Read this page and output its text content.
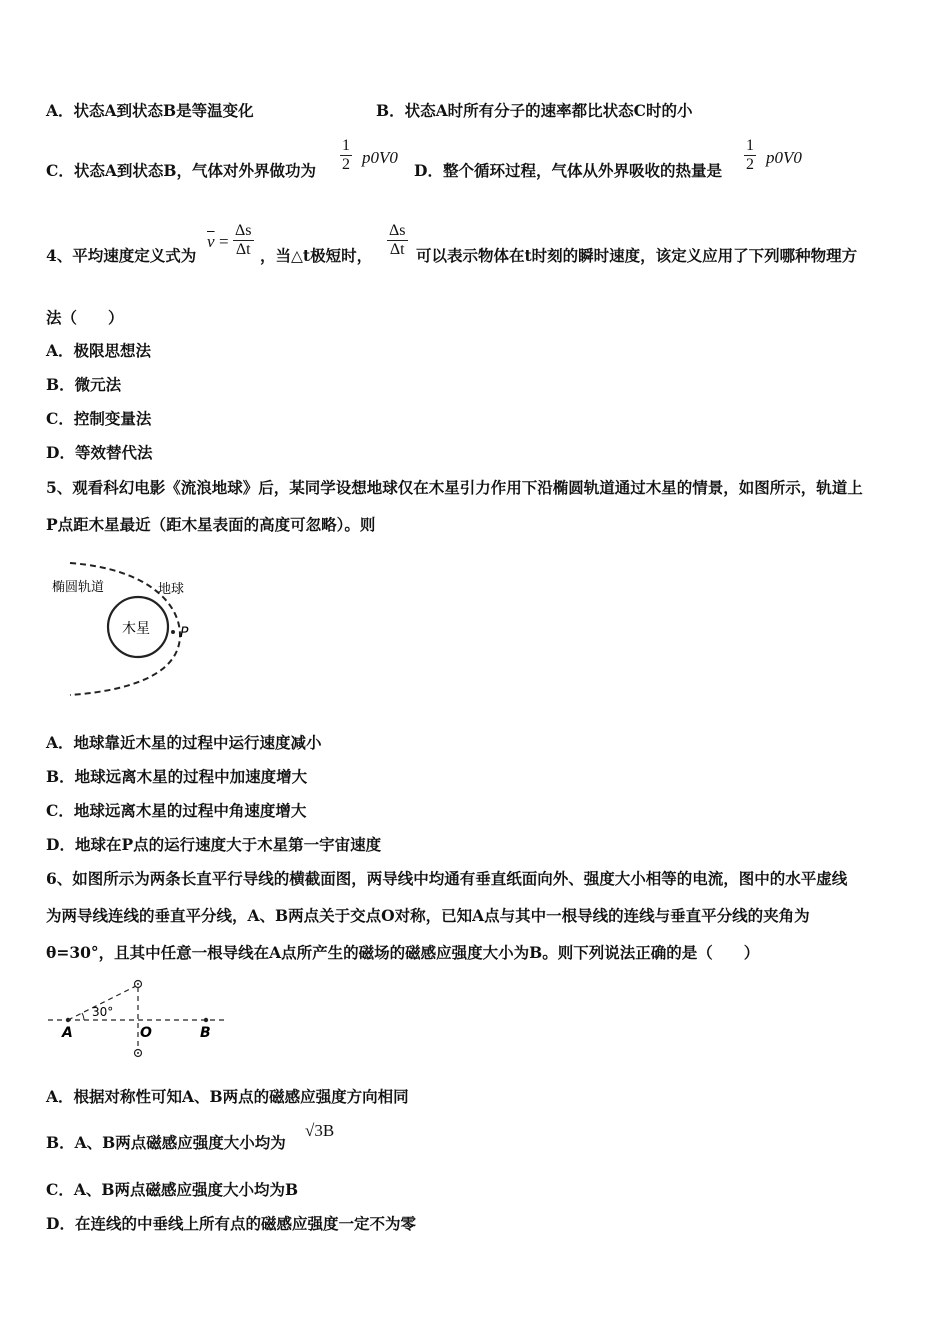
A．状态A到状态B是等温变化	B．状态A时所有分子的速率都比状态C时的小
C．状态A到状态B，气体对外界做功为 $\frac{1}{2} p0V0$
D．整个循环过程，气体从外界吸收的热量是 $\frac{1}{2} p0V0$
4、平均速度定义式为
$\overline{v} = \frac{\Delta s}{\Delta t}$ ，当△t极短时， $\frac{\Delta s}{\Delta t}$ 可以表示物体在t时刻的瞬时速度，该定义应用了下列哪种物理方
法（　　）
A．极限思想法
B．微元法
C．控制变量法
D．等效替代法
5、观看科幻电影《流浪地球》后，某同学设想地球仅在木星引力作用下沿椭圆轨道通过木星的情景，如图所示，轨道上
P点距木星最近（距木星表面的高度可忽略）。则
木星
椭圆轨道	地球
P
A．地球靠近木星的过程中运行速度减小
B．地球远离木星的过程中加速度增大
C．地球远离木星的过程中角速度增大
D．地球在P点的运行速度大于木星第一宇宙速度
6、如图所示为两条长直平行导线的横截面图，两导线中均通有垂直纸面向外、强度大小相等的电流，图中的水平虚线
为两导线连线的垂直平分线，A、B两点关于交点O对称，已知A点与其中一根导线的连线与垂直平分线的夹角为
θ=30°，且其中任意一根导线在A点所产生的磁场的磁感应强度大小为B。则下列说法正确的是（　　）
30°
A	O	B
A．根据对称性可知A、B两点的磁感应强度方向相同
B．A、B两点磁感应强度大小均为
√3B
C．A、B两点磁感应强度大小均为B
D．在连线的中垂线上所有点的磁感应强度一定不为零
